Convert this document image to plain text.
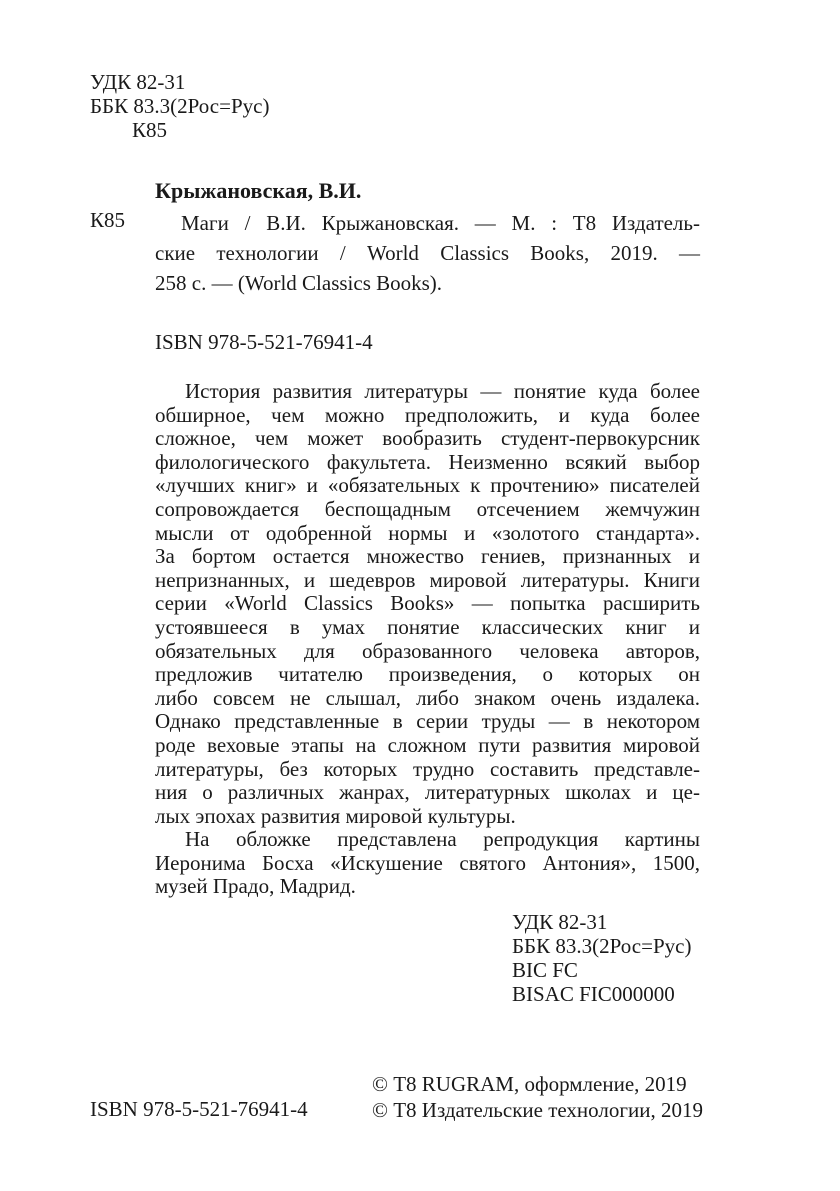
УДК 82-31
ББК 83.3(2Рос=Рус)
К85
Крыжановская, В.И.
К85	Маги / В.И. Крыжановская. — М. : Т8 Издатель-
ские технологии / World Classics Books, 2019. —
258 с. — (World Classics Books).
ISBN 978-5-521-76941-4
История развития литературы — понятие куда более
обширное, чем можно предположить, и куда более
сложное, чем может вообразить студент-первокурсник
филологического факультета. Неизменно всякий выбор
«лучших книг» и «обязательных к прочтению» писателей
сопровождается беспощадным отсечением жемчужин
мысли от одобренной нормы и «золотого стандарта».
За бортом остается множество гениев, признанных и
непризнанных, и шедевров мировой литературы. Книги
серии «World Classics Books» — попытка расширить
устоявшееся в умах понятие классических книг и
обязательных для образованного человека авторов,
предложив читателю произведения, о которых он
либо совсем не слышал, либо знаком очень издалека.
Однако представленные в серии труды — в некотором
роде веховые этапы на сложном пути развития мировой
литературы, без которых трудно составить представле-
ния о различных жанрах, литературных школах и це-
лых эпохах развития мировой культуры.
На обложке представлена репродукция картины
Иеронима Босха «Искушение святого Антония», 1500,
музей Прадо, Мадрид.
УДК 82-31
ББК 83.3(2Рос=Рус)
BIC FC
BISAC FIC000000
ISBN 978-5-521-76941-4
© Т8 RUGRAM, оформление, 2019
© Т8 Издательские технологии, 2019
